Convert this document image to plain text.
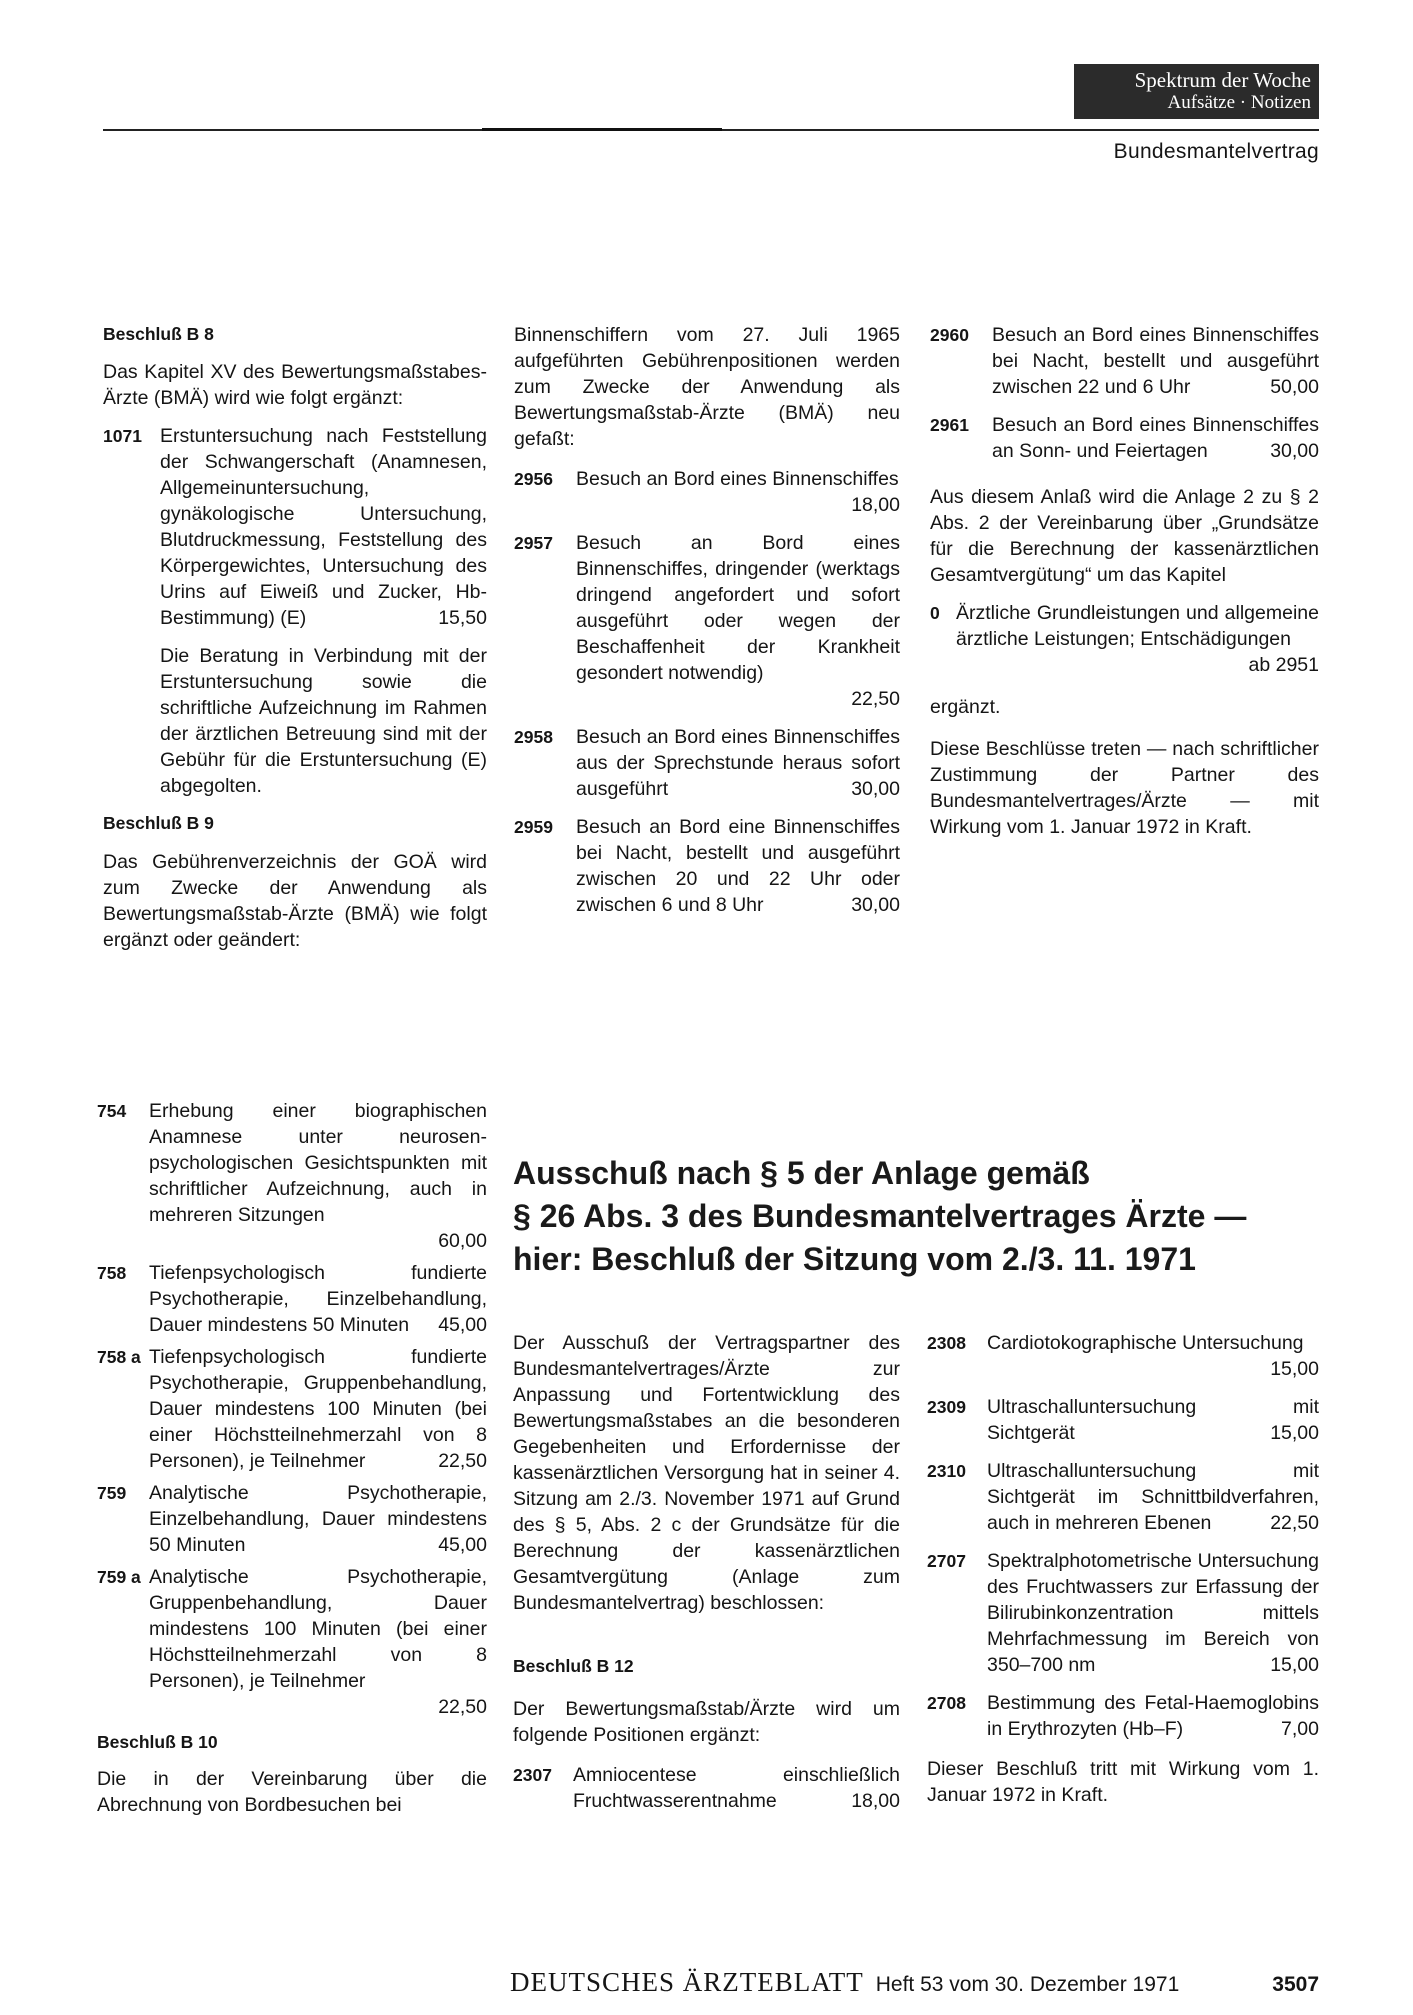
Spektrum der Woche
Aufsätze · Notizen
Bundesmantelvertrag

Beschluß B 8

Das Kapitel XV des Bewertungsmaßstabes-Ärzte (BMÄ) wird wie folgt ergänzt:

1071 Erstuntersuchung nach Feststellung der Schwangerschaft (Anamnesen, Allgemeinuntersuchung, gynäkologische Untersuchung, Blutdruckmessung, Feststellung des Körpergewichtes, Untersuchung des Urins auf Eiweiß und Zucker, Hb-Bestimmung) (E)	15,50

Die Beratung in Verbindung mit der Erstuntersuchung sowie die schriftliche Aufzeichnung im Rahmen der ärztlichen Betreuung sind mit der Gebühr für die Erstuntersuchung (E) abgegolten.

Beschluß B 9

Das Gebührenverzeichnis der GOÄ wird zum Zwecke der Anwendung als Bewertungsmaßstab-Ärzte (BMÄ) wie folgt ergänzt oder geändert:

754	Erhebung einer biographischen Anamnese unter neurosen-psychologischen Gesichtspunkten mit schriftlicher Aufzeichnung, auch in mehreren Sitzungen
60,00
758	Tiefenpsychologisch fundierte Psychotherapie, Einzelbehandlung, Dauer mindestens 50 Minuten 45,00
758 a Tiefenpsychologisch fundierte Psychotherapie, Gruppenbehandlung, Dauer mindestens 100 Minuten (bei einer Höchstteilnehmerzahl von 8 Personen), je Teilnehmer	22,50
759	Analytische Psychotherapie, Einzelbehandlung, Dauer mindestens 50 Minuten	45,00
759 a Analytische Psychotherapie, Gruppenbehandlung, Dauer mindestens 100 Minuten (bei einer Höchstteilnehmerzahl von 8 Personen), je Teilnehmer
22,50

Beschluß B 10

Die in der Vereinbarung über die Abrechnung von Bordbesuchen bei

Binnenschiffern vom 27. Juli 1965 aufgeführten Gebührenpositionen werden zum Zwecke der Anwendung als Bewertungsmaßstab-Ärzte (BMÄ) neu gefaßt:

2956	Besuch an Bord eines Binnenschiffes
18,00
2957	Besuch an Bord eines Binnenschiffes, dringender (werktags dringend angefordert und sofort ausgeführt oder wegen der Beschaffenheit der Krankheit gesondert notwendig)
22,50
2958	Besuch an Bord eines Binnenschiffes aus der Sprechstunde heraus sofort ausgeführt	30,00
2959	Besuch an Bord eine Binnenschiffes bei Nacht, bestellt und ausgeführt zwischen 20 und 22 Uhr oder zwischen 6 und 8 Uhr	30,00
2960	Besuch an Bord eines Binnenschiffes bei Nacht, bestellt und ausgeführt zwischen 22 und 6 Uhr	50,00
2961	Besuch an Bord eines Binnenschiffes an Sonn- und Feiertagen	30,00

Aus diesem Anlaß wird die Anlage 2 zu § 2 Abs. 2 der Vereinbarung über „Grundsätze für die Berechnung der kassenärztlichen Gesamtvergütung“ um das Kapitel

0 Ärztliche Grundleistungen und allgemeine ärztliche Leistungen; Entschädigungen
ab 2951

ergänzt.

Diese Beschlüsse treten — nach schriftlicher Zustimmung der Partner des Bundesmantelvertrages/Ärzte — mit Wirkung vom 1. Januar 1972 in Kraft.

Ausschuß nach § 5 der Anlage gemäß
§ 26 Abs. 3 des Bundesmantelvertrages Ärzte —
hier: Beschluß der Sitzung vom 2./3. 11. 1971

Der Ausschuß der Vertragspartner des Bundesmantelvertrages/Ärzte zur Anpassung und Fortentwicklung des Bewertungsmaßstabes an die besonderen Gegebenheiten und Erfordernisse der kassenärztlichen Versorgung hat in seiner 4. Sitzung am 2./3. November 1971 auf Grund des § 5, Abs. 2 c der Grundsätze für die Berechnung der kassenärztlichen Gesamtvergütung (Anlage zum Bundesmantelvertrag) beschlossen:

Beschluß B 12

Der Bewertungsmaßstab/Ärzte wird um folgende Positionen ergänzt:

2307	Amniocentese einschließlich Fruchtwasserentnahme	18,00
2308	Cardiotokographische Untersuchung
15,00
2309	Ultraschalluntersuchung mit Sichtgerät	15,00
2310	Ultraschalluntersuchung mit Sichtgerät im Schnittbildverfahren, auch in mehreren Ebenen	22,50
2707	Spektralphotometrische Untersuchung des Fruchtwassers zur Erfassung der Bilirubinkonzentration mittels Mehrfachmessung im Bereich von 350–700 nm	15,00
2708	Bestimmung des Fetal-Haemoglobins in Erythrozyten (Hb–F)	7,00

Dieser Beschluß tritt mit Wirkung vom 1. Januar 1972 in Kraft.

DEUTSCHES ÄRZTEBLATT Heft 53 vom 30. Dezember 1971	3507
